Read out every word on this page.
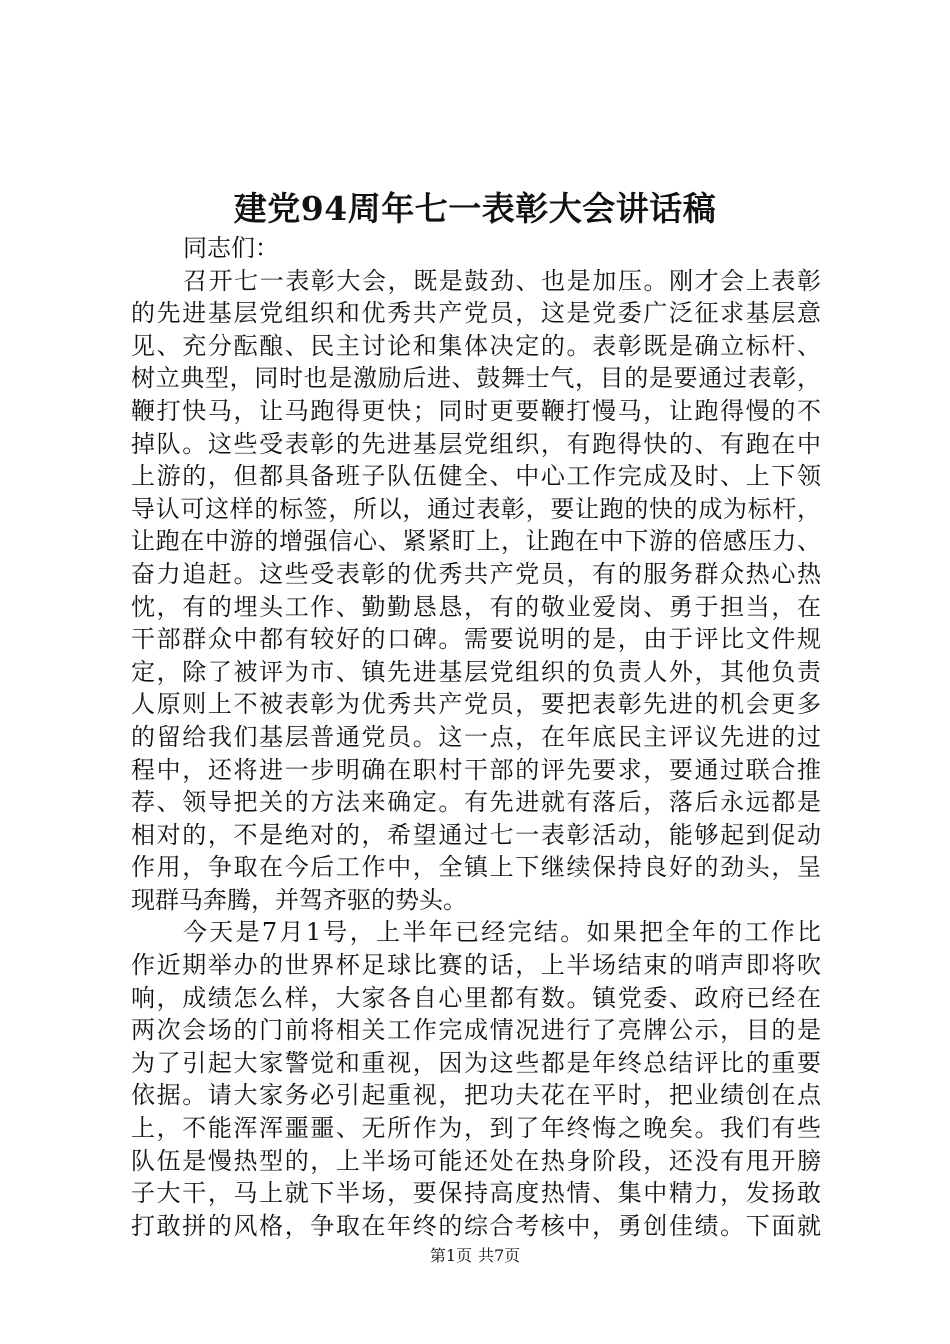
建党94周年七一表彰大会讲话稿
同志们：
召开七一表彰大会，既是鼓劲、也是加压。刚才会上表彰
的先进基层党组织和优秀共产党员，这是党委广泛征求基层意
见、充分酝酿、民主讨论和集体决定的。表彰既是确立标杆、
树立典型，同时也是激励后进、鼓舞士气，目的是要通过表彰，
鞭打快马，让马跑得更快；同时更要鞭打慢马，让跑得慢的不
掉队。这些受表彰的先进基层党组织，有跑得快的、有跑在中
上游的，但都具备班子队伍健全、中心工作完成及时、上下领
导认可这样的标签，所以，通过表彰，要让跑的快的成为标杆，
让跑在中游的增强信心、紧紧盯上，让跑在中下游的倍感压力、
奋力追赶。这些受表彰的优秀共产党员，有的服务群众热心热
忱，有的埋头工作、勤勤恳恳，有的敬业爱岗、勇于担当，在
干部群众中都有较好的口碑。需要说明的是，由于评比文件规
定，除了被评为市、镇先进基层党组织的负责人外，其他负责
人原则上不被表彰为优秀共产党员，要把表彰先进的机会更多
的留给我们基层普通党员。这一点，在年底民主评议先进的过
程中，还将进一步明确在职村干部的评先要求，要通过联合推
荐、领导把关的方法来确定。有先进就有落后，落后永远都是
相对的，不是绝对的，希望通过七一表彰活动，能够起到促动
作用，争取在今后工作中，全镇上下继续保持良好的劲头，呈
现群马奔腾，并驾齐驱的势头。
今天是7月1号，上半年已经完结。如果把全年的工作比
作近期举办的世界杯足球比赛的话，上半场结束的哨声即将吹
响，成绩怎么样，大家各自心里都有数。镇党委、政府已经在
两次会场的门前将相关工作完成情况进行了亮牌公示，目的是
为了引起大家警觉和重视，因为这些都是年终总结评比的重要
依据。请大家务必引起重视，把功夫花在平时，把业绩创在点
上，不能浑浑噩噩、无所作为，到了年终悔之晚矣。我们有些
队伍是慢热型的，上半场可能还处在热身阶段，还没有甩开膀
子大干，马上就下半场，要保持高度热情、集中精力，发扬敢
打敢拼的风格，争取在年终的综合考核中，勇创佳绩。下面就
第1页 共7页
